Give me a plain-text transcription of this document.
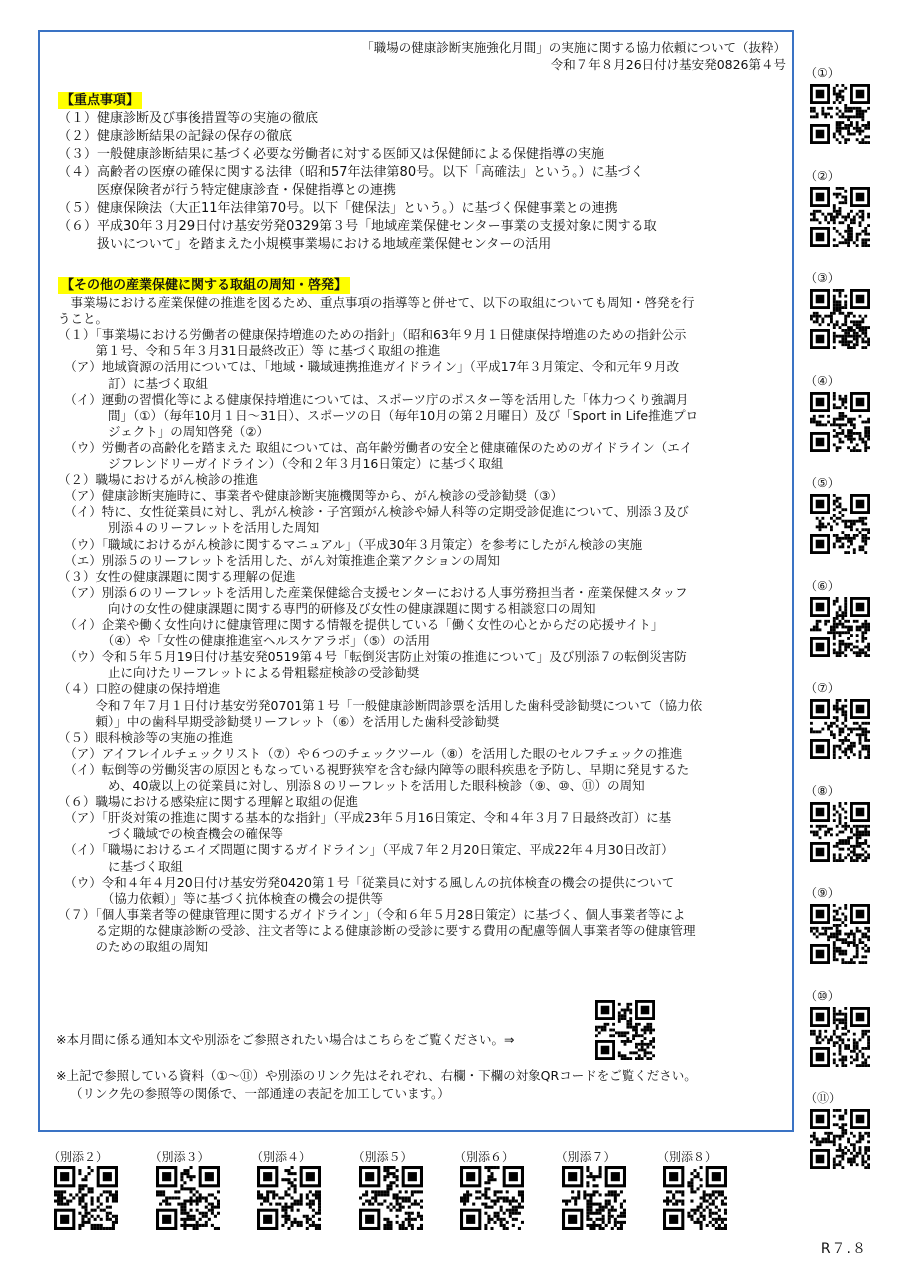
「職場の健康診断実施強化月間」の実施に関する協力依頼について（抜粋）
令和７年８月26日付け基安発0826第４号
【重点事項】
（１）健康診断及び事後措置等の実施の徹底
（２）健康診断結果の記録の保存の徹底
（３）一般健康診断結果に基づく必要な労働者に対する医師又は保健師による保健指導の実施
（４）高齢者の医療の確保に関する法律（昭和57年法律第80号。以下「高確法」という。）に基づく
　　　医療保険者が行う特定健康診査・保健指導との連携
（５）健康保険法（大正11年法律第70号。以下「健保法」という。）に基づく保健事業との連携
（６）平成30年３月29日付け基安労発0329第３号「地域産業保健センター事業の支援対象に関する取
　　　扱いについて」を踏まえた小規模事業場における地域産業保健センターの活用
【その他の産業保健に関する取組の周知・啓発】
　事業場における産業保健の推進を図るため、重点事項の指導等と併せて、以下の取組についても周知・啓発を行
うこと。
（１）「事業場における労働者の健康保持増進のための指針」（昭和63年９月１日健康保持増進のための指針公示
　　　第１号、令和５年３月31日最終改正）等 に基づく取組の推進
　（ア）地域資源の活用については、「地域・職域連携推進ガイドライン」（平成17年３月策定、令和元年９月改
　　　　訂）に基づく取組
　（イ）運動の習慣化等による健康保持増進については、スポーツ庁のポスター等を活用した「体力つくり強調月
　　　　間」（①）（毎年10月１日～31日）、スポーツの日（毎年10月の第２月曜日）及び「Sport in Life推進プロ
　　　　ジェクト」の周知啓発（②）
　（ウ）労働者の高齢化を踏まえた 取組については、高年齢労働者の安全と健康確保のためのガイドライン（エイ
　　　　ジフレンドリーガイドライン）（令和２年３月16日策定）に基づく取組
（２）職場におけるがん検診の推進
　（ア）健康診断実施時に、事業者や健康診断実施機関等から、がん検診の受診勧奨（③）
　（イ）特に、女性従業員に対し、乳がん検診・子宮頸がん検診や婦人科等の定期受診促進について、別添３及び
　　　　別添４のリーフレットを活用した周知
　（ウ）「職域におけるがん検診に関するマニュアル」（平成30年３月策定）を参考にしたがん検診の実施
　（エ）別添５のリーフレットを活用した、がん対策推進企業アクションの周知
（３）女性の健康課題に関する理解の促進
　（ア）別添６のリーフレットを活用した産業保健総合支援センターにおける人事労務担当者・産業保健スタッフ
　　　　向けの女性の健康課題に関する専門的研修及び女性の健康課題に関する相談窓口の周知
　（イ）企業や働く女性向けに健康管理に関する情報を提供している「働く女性の心とからだの応援サイト」
　　　　（④）や「女性の健康推進室ヘルスケアラボ」（⑤）の活用
　（ウ）令和５年５月19日付け基安発0519第４号「転倒災害防止対策の推進について」及び別添７の転倒災害防
　　　　止に向けたリーフレットによる骨粗鬆症検診の受診勧奨
（４）口腔の健康の保持増進
　　　令和７年７月１日付け基安労発0701第１号「一般健康診断問診票を活用した歯科受診勧奨について（協力依
　　　頼）」中の歯科早期受診勧奨リーフレット（⑥）を活用した歯科受診勧奨
（５）眼科検診等の実施の推進
　（ア）アイフレイルチェックリスト（⑦）や６つのチェックツール（⑧）を活用した眼のセルフチェックの推進
　（イ）転倒等の労働災害の原因ともなっている視野狭窄を含む緑内障等の眼科疾患を予防し、早期に発見するた
　　　　め、40歳以上の従業員に対し、別添８のリーフレットを活用した眼科検診（⑨、⑩、⑪）の周知
（６）職場における感染症に関する理解と取組の促進
　（ア）「肝炎対策の推進に関する基本的な指針」（平成23年５月16日策定、令和４年３月７日最終改訂）に基
　　　　づく職域での検査機会の確保等
　（イ）「職場におけるエイズ問題に関するガイドライン」（平成７年２月20日策定、平成22年４月30日改訂）
　　　　に基づく取組
　（ウ）令和４年４月20日付け基安労発0420第１号「従業員に対する風しんの抗体検査の機会の提供について
　　　　（協力依頼）」等に基づく抗体検査の機会の提供等
（７）「個人事業者等の健康管理に関するガイドライン」（令和６年５月28日策定）に基づく、個人事業者等によ
　　　る定期的な健康診断の受診、注文者等による健康診断の受診に要する費用の配慮等個人事業者等の健康管理
　　　のための取組の周知
※本月間に係る通知本文や別添をご参照されたい場合はこちらをご覧ください。⇒
※上記で参照している資料（①～⑪）や別添のリンク先はそれぞれ、右欄・下欄の対象QRコードをご覧ください。
（リンク先の参照等の関係で、一部通達の表記を加工しています。）
（①）
（②）
（③）
（④）
（⑤）
（⑥）
（⑦）
（⑧）
（⑨）
（⑩）
（⑪）
（別添２）	（別添３）	（別添４）	（別添５）	（別添６）	（別添７）	（別添８）
R７.８
